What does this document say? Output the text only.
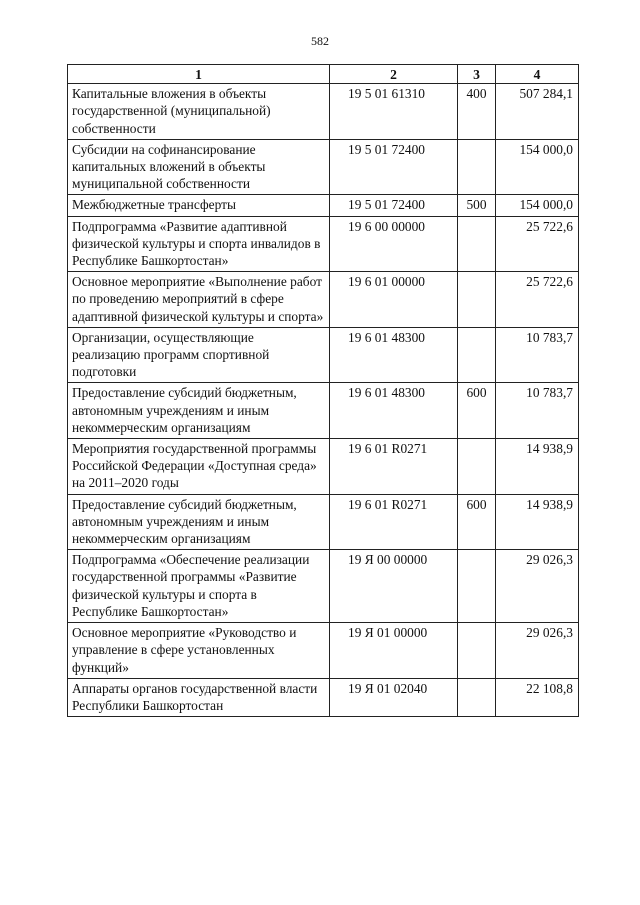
582
1	2	3	4
Капитальные вложения в объекты государственной (муниципальной) собственности	19 5 01 61310	400	507 284,1
Субсидии на софинансирование капитальных вложений в объекты муниципальной собственности	19 5 01 72400		154 000,0
Межбюджетные трансферты	19 5 01 72400	500	154 000,0
Подпрограмма «Развитие адаптивной физической культуры и спорта инвалидов в Республике Башкортостан»	19 6 00 00000		25 722,6
Основное мероприятие «Выполнение работ по проведению мероприятий в сфере адаптивной физической культуры и спорта»	19 6 01 00000		25 722,6
Организации, осуществляющие реализацию программ спортивной подготовки	19 6 01 48300		10 783,7
Предоставление субсидий бюджетным, автономным учреждениям и иным некоммерческим организациям	19 6 01 48300	600	10 783,7
Мероприятия государственной программы Российской Федерации «Доступная среда» на 2011–2020 годы	19 6 01 R0271		14 938,9
Предоставление субсидий бюджетным, автономным учреждениям и иным некоммерческим организациям	19 6 01 R0271	600	14 938,9
Подпрограмма «Обеспечение реализации государственной программы «Развитие физической культуры и спорта в Республике Башкортостан»	19 Я 00 00000		29 026,3
Основное мероприятие «Руководство и управление в сфере установленных функций»	19 Я 01 00000		29 026,3
Аппараты органов государственной власти Республики Башкортостан	19 Я 01 02040		22 108,8
